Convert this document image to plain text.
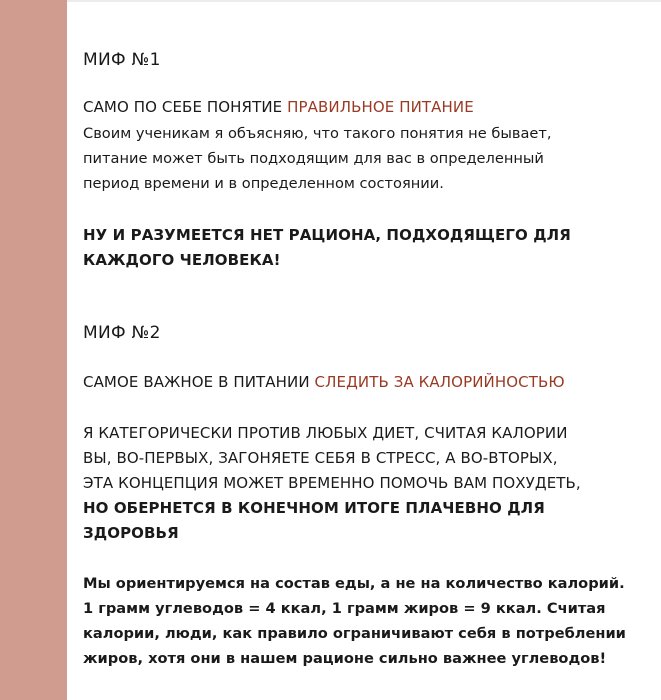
МИФ №1
САМО ПО СЕБЕ ПОНЯТИЕ ПРАВИЛЬНОЕ ПИТАНИЕ
Своим ученикам я объясняю, что такого понятия не бывает,
питание может быть подходящим для вас в определенный
период времени и в определенном состоянии.
НУ И РАЗУМЕЕТСЯ НЕТ РАЦИОНА, ПОДХОДЯЩЕГО ДЛЯ
КАЖДОГО ЧЕЛОВЕКА!
МИФ №2
САМОЕ ВАЖНОЕ В ПИТАНИИ СЛЕДИТЬ ЗА КАЛОРИЙНОСТЬЮ
Я КАТЕГОРИЧЕСКИ ПРОТИВ ЛЮБЫХ ДИЕТ, СЧИТАЯ КАЛОРИИ
ВЫ, ВО-ПЕРВЫХ, ЗАГОНЯЕТЕ СЕБЯ В СТРЕСС, А ВО-ВТОРЫХ,
ЭТА КОНЦЕПЦИЯ МОЖЕТ ВРЕМЕННО ПОМОЧЬ ВАМ ПОХУДЕТЬ,
НО ОБЕРНЕТСЯ В КОНЕЧНОМ ИТОГЕ ПЛАЧЕВНО ДЛЯ
ЗДОРОВЬЯ
Мы ориентируемся на состав еды, а не на количество калорий.
1 грамм углеводов = 4 ккал, 1 грамм жиров = 9 ккал. Считая
калории, люди, как правило ограничивают себя в потреблении
жиров, хотя они в нашем рационе сильно важнее углеводов!
